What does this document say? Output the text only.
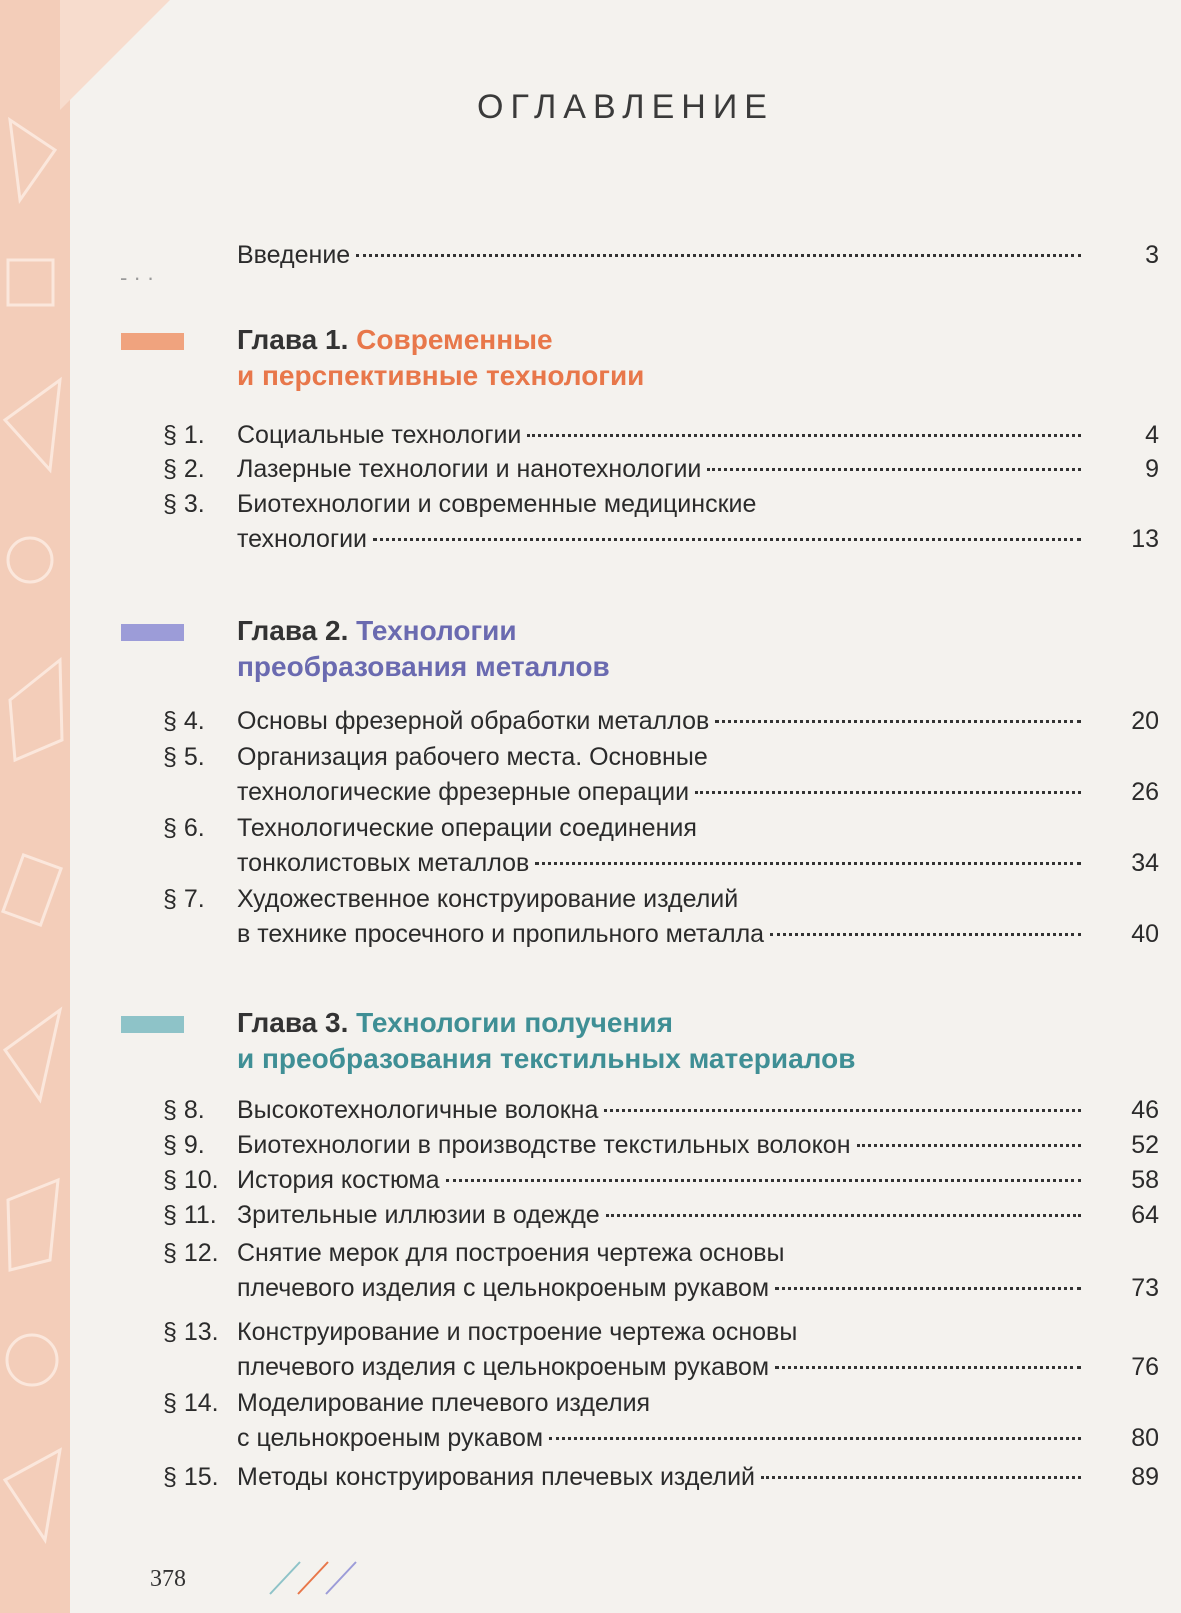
ОГЛАВЛЕНИЕ
- · ·
Введение	3
Глава 1. Современные
и перспективные технологии
§ 1.	Социальные технологии	4
§ 2.	Лазерные технологии и нанотехнологии	9
§ 3.	Биотехнологии и современные медицинские
технологии	13
Глава 2. Технологии
преобразования металлов
§ 4.	Основы фрезерной обработки металлов	20
§ 5.	Организация рабочего места. Основные
технологические фрезерные операции	26
§ 6.	Технологические операции соединения
тонколистовых металлов	34
§ 7.	Художественное конструирование изделий
в технике просечного и пропильного металла	40
Глава 3. Технологии получения
и преобразования текстильных материалов
§ 8.	Высокотехнологичные волокна	46
§ 9.	Биотехнологии в производстве текстильных волокон	52
§ 10. История костюма	58
§ 11. Зрительные иллюзии в одежде	64
§ 12. Снятие мерок для построения чертежа основы
плечевого изделия с цельнокроеным рукавом	73
§ 13. Конструирование и построение чертежа основы
плечевого изделия с цельнокроеным рукавом	76
§ 14. Моделирование плечевого изделия
с цельнокроеным рукавом	80
§ 15. Методы конструирования плечевых изделий	89
378
